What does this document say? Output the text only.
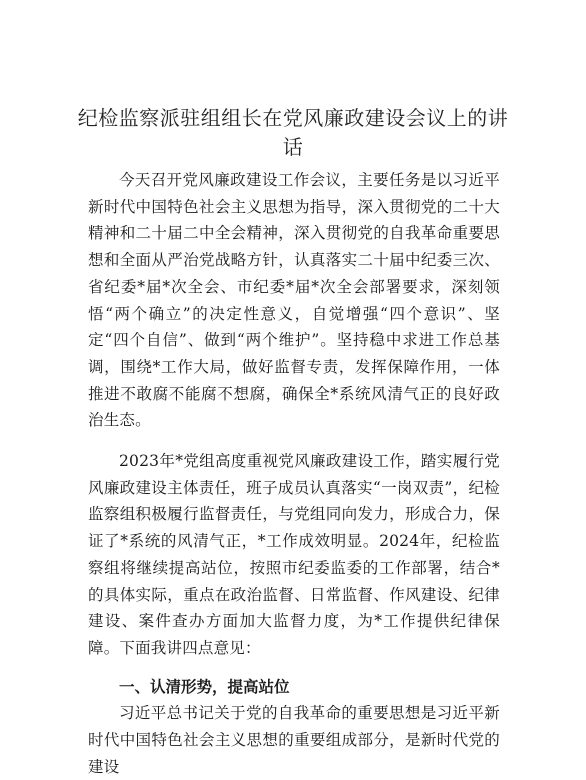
纪检监察派驻组组长在党风廉政建设会议上的讲话

今天召开党风廉政建设工作会议，主要任务是以习近平新时代中国特色社会主义思想为指导，深入贯彻党的二十大精神和二十届二中全会精神，深入贯彻党的自我革命重要思想和全面从严治党战略方针，认真落实二十届中纪委三次、省纪委*届*次全会、市纪委*届*次全会部署要求，深刻领悟“两个确立”的决定性意义，自觉增强“四个意识”、坚定“四个自信”、做到“两个维护”。坚持稳中求进工作总基调，围绕*工作大局，做好监督专责，发挥保障作用，一体推进不敢腐不能腐不想腐，确保全*系统风清气正的良好政治生态。

2023年*党组高度重视党风廉政建设工作，踏实履行党风廉政建设主体责任，班子成员认真落实“一岗双责”，纪检监察组积极履行监督责任，与党组同向发力，形成合力，保证了*系统的风清气正，*工作成效明显。2024年，纪检监察组将继续提高站位，按照市纪委监委的工作部署，结合*的具体实际，重点在政治监督、日常监督、作风建设、纪律建设、案件查办方面加大监督力度，为*工作提供纪律保障。下面我讲四点意见：

一、认清形势，提高站位

习近平总书记关于党的自我革命的重要思想是习近平新时代中国特色社会主义思想的重要组成部分，是新时代党的建设
